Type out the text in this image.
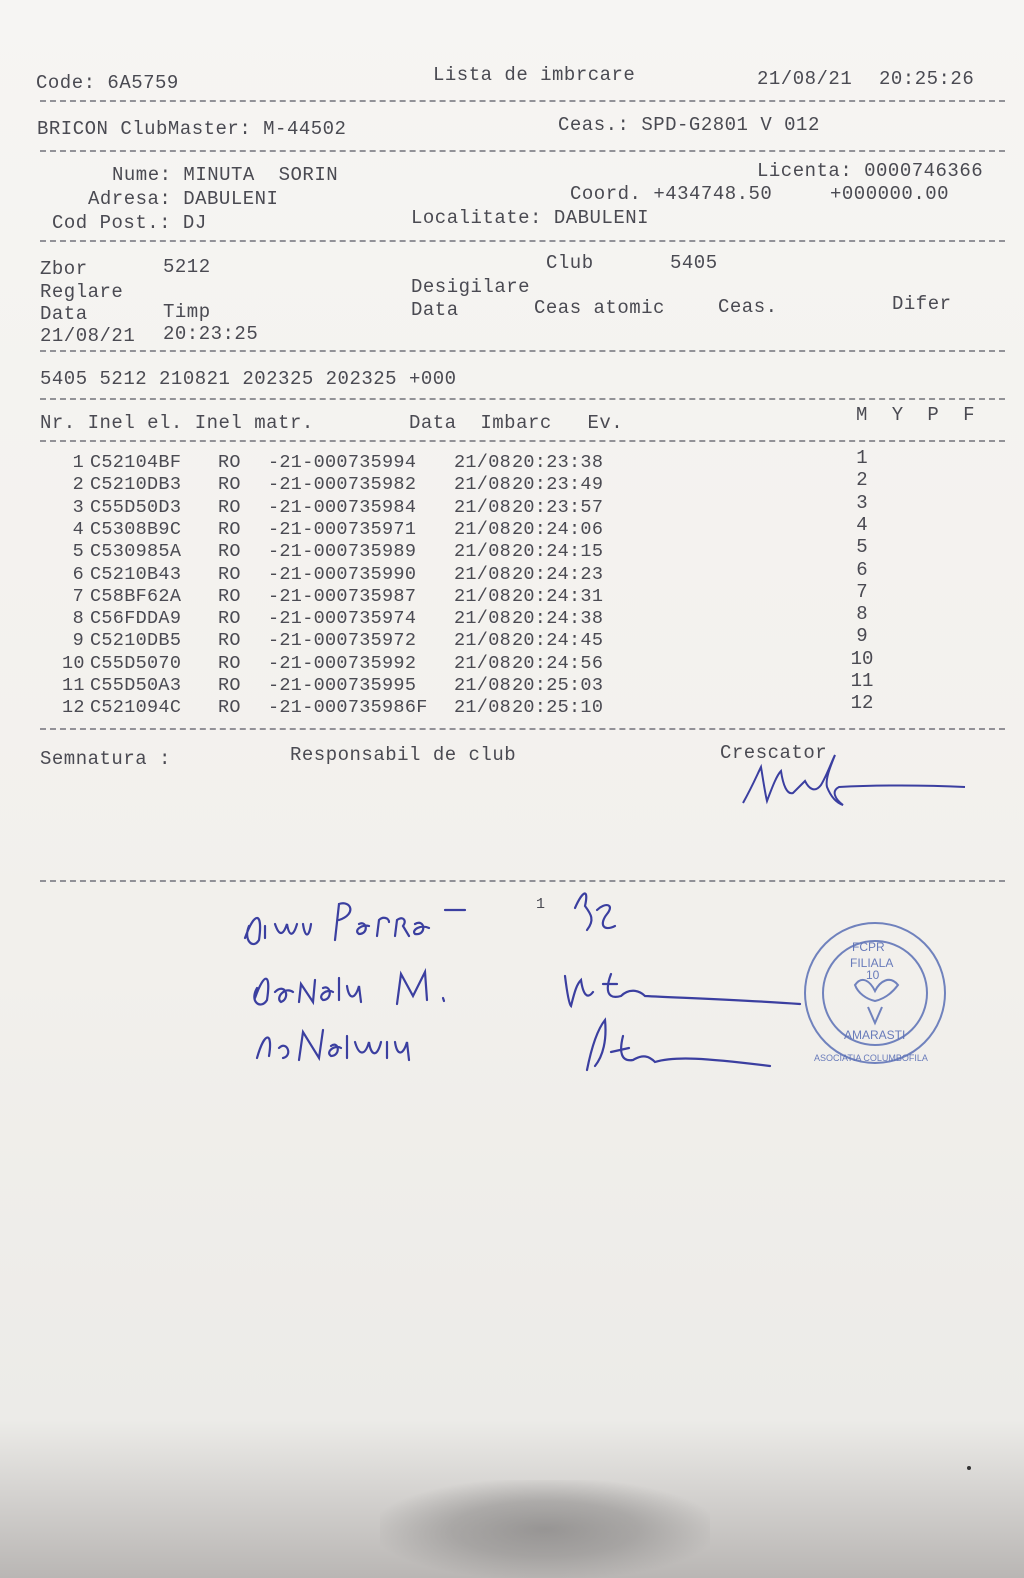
Code: 6A5759	Lista de imbrcare	21/08/21 20:25:26
BRICON ClubMaster: M-44502	Ceas.: SPD-G2801 V 012
Nume: MINUTA  SORIN	Licenta: 0000746366
Adresa: DABULENI	Coord. +434748.50	+000000.00
Cod Post.: DJ	Localitate: DABULENI
Zbor	5212	Club	5405
Reglare	Desigilare
Data	Timp	Data	Ceas atomic	Ceas.	Difer
21/08/21 20:23:25
5405 5212 210821 202325 202325 +000
Nr. Inel el. Inel matr.        Data  Imbarc   Ev.	M  Y  P  F
1 C52104BF RO -21-000735994 21/0820:23:38	1
2 C5210DB3 RO -21-000735982 21/0820:23:49	2
3 C55D50D3 RO -21-000735984 21/0820:23:57	3
4 C5308B9C RO -21-000735971 21/0820:24:06	4
5 C530985A RO -21-000735989 21/0820:24:15	5
6 C5210B43 RO -21-000735990 21/0820:24:23	6
7 C58BF62A RO -21-000735987 21/0820:24:31	7
8 C56FDDA9 RO -21-000735974 21/0820:24:38	8
9 C5210DB5 RO -21-000735972 21/0820:24:45	9
10 C55D5070 RO -21-000735992 21/0820:24:56	10
11 C55D50A3 RO -21-000735995 21/0820:25:03	11
12 C521094C RO -21-000735986F 21/0820:25:10	12
Semnatura :	Responsabil de club	Crescator
1
FCPR
FILIALA
10
AMARASTI
ASOCIATIA COLUMBOFILA
